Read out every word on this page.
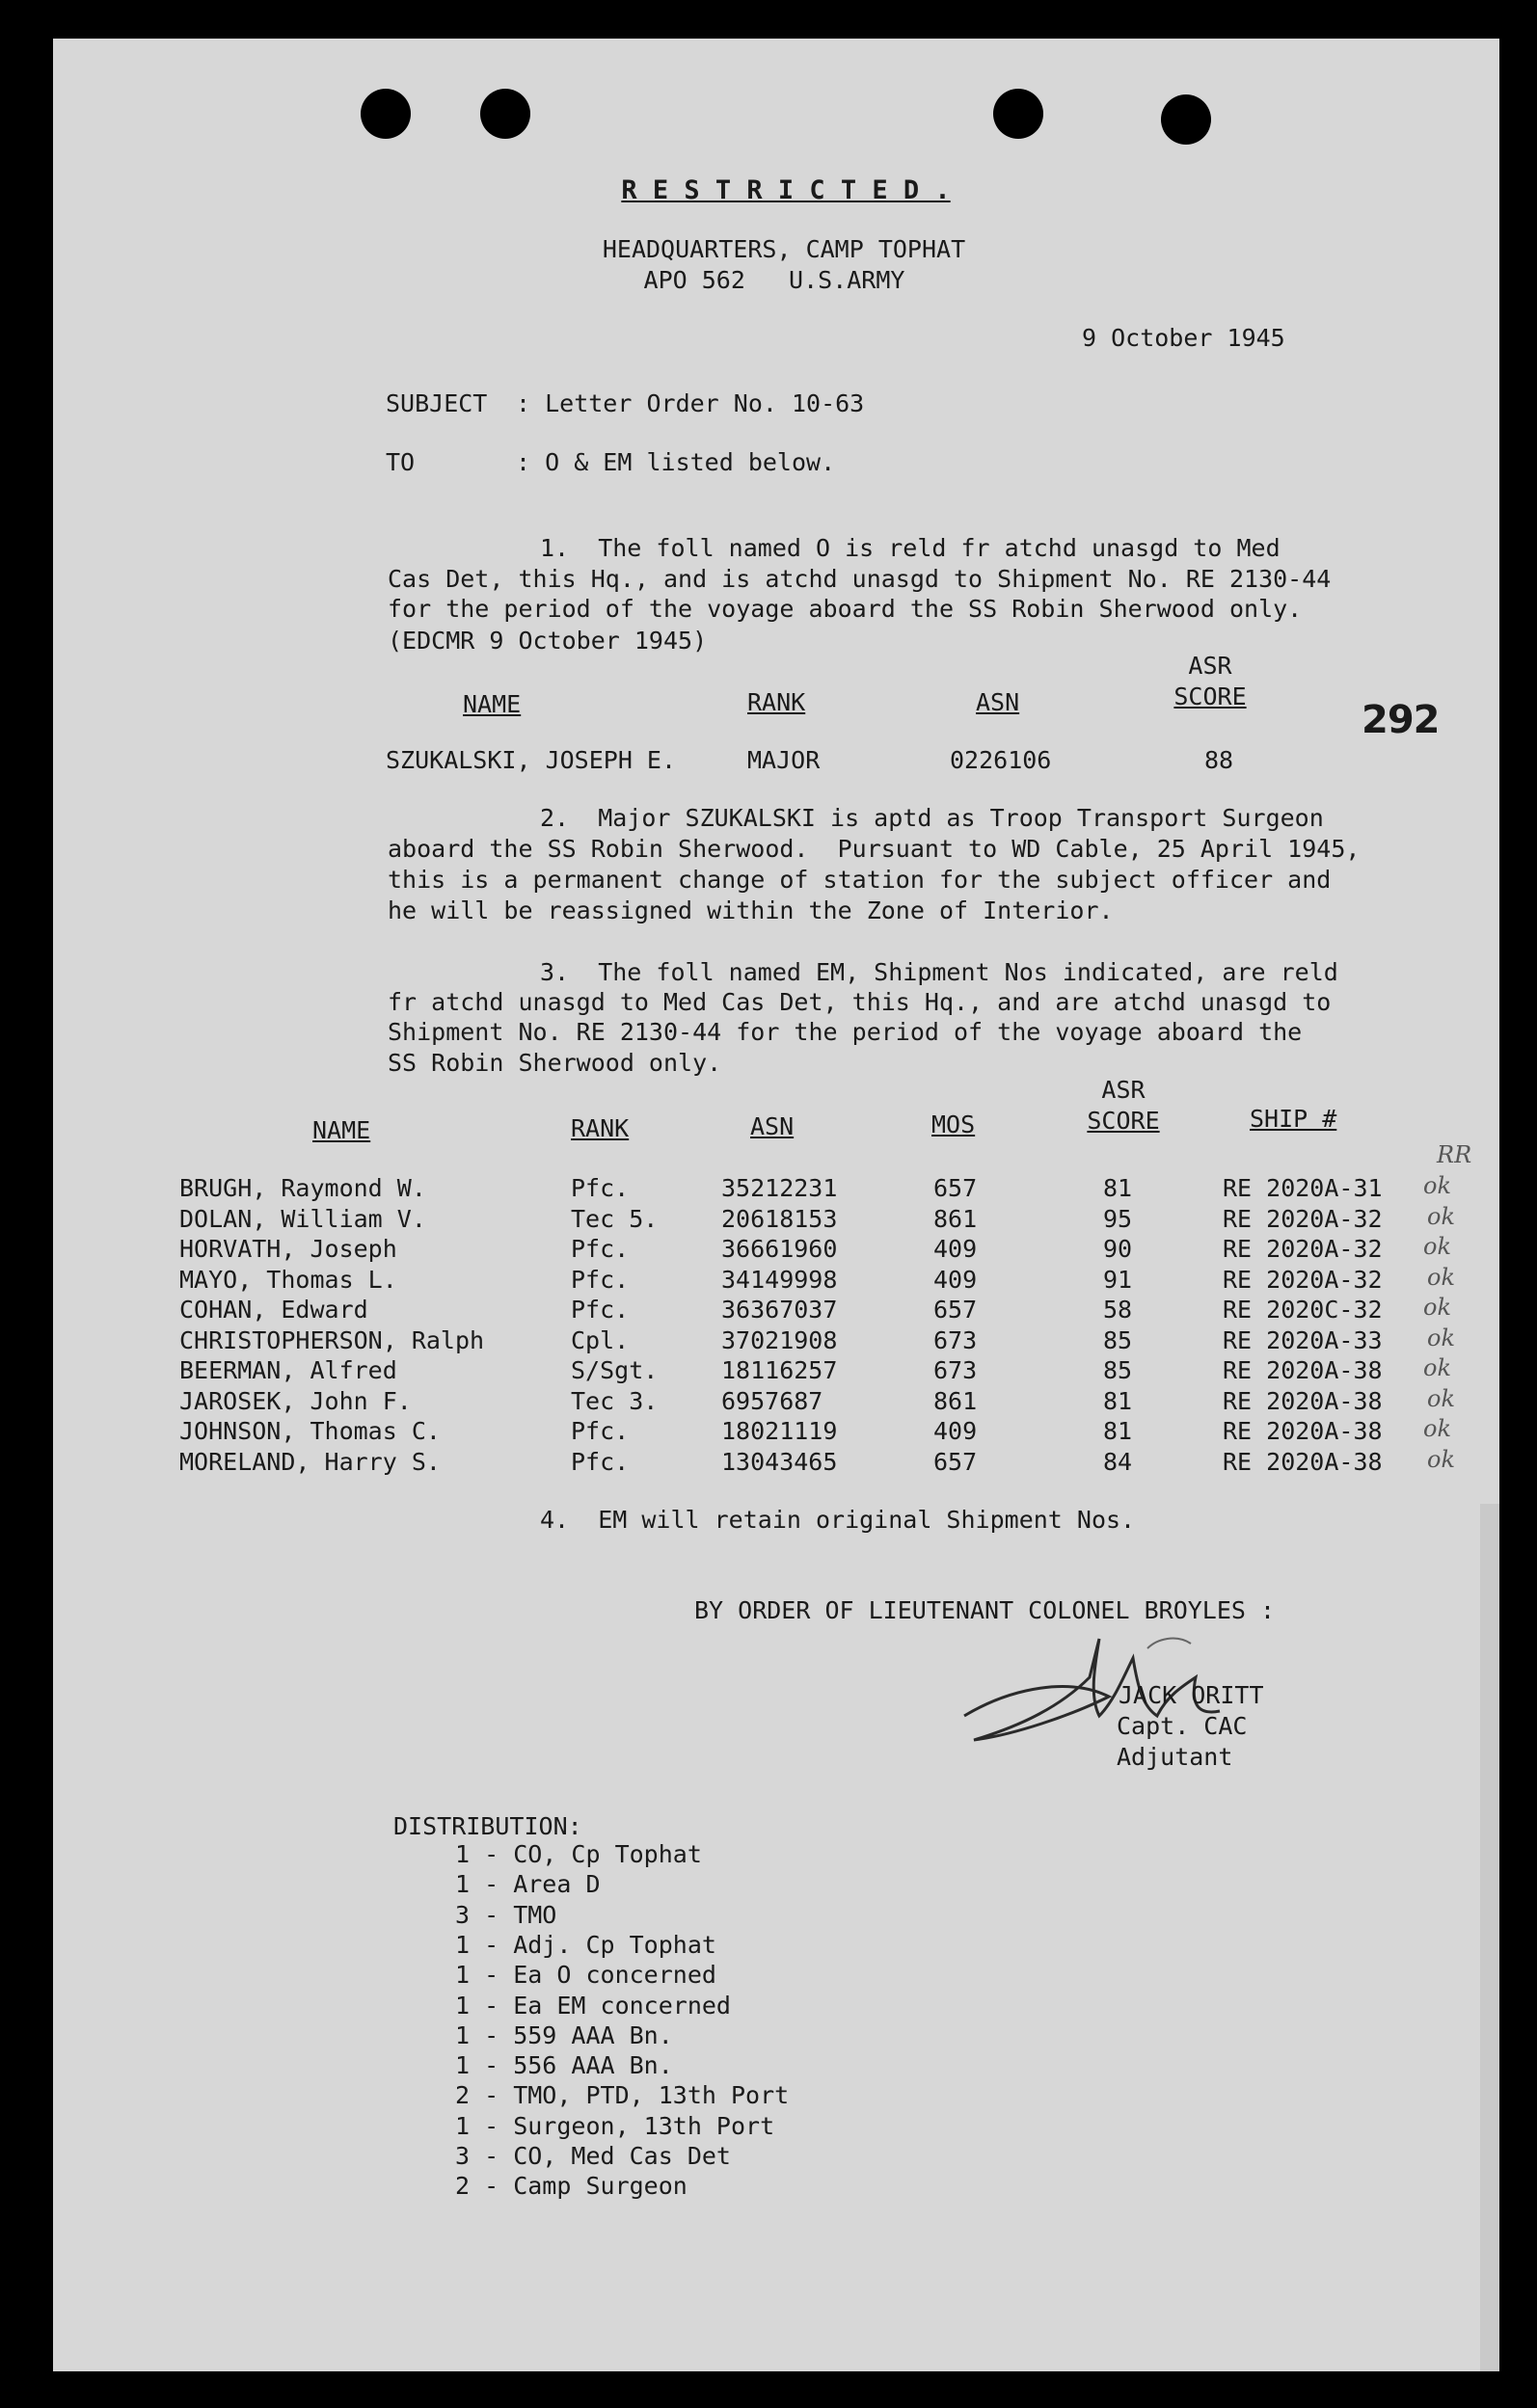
R E S T R I C T E D .
HEADQUARTERS, CAMP TOPHAT
APO 562   U.S.ARMY
9 October 1945
SUBJECT : Letter Order No. 10-63
TO	: O & EM listed below.
1.  The foll named O is reld fr atchd unasgd to Med
Cas Det, this Hq., and is atchd unasgd to Shipment No. RE 2130-44
for the period of the voyage aboard the SS Robin Sherwood only.
(EDCMR 9 October 1945)
NAME	RANK	ASN
ASR
SCORE
292
SZUKALSKI, JOSEPH E.	MAJOR	0226106	88
2.  Major SZUKALSKI is aptd as Troop Transport Surgeon
aboard the SS Robin Sherwood.  Pursuant to WD Cable, 25 April 1945,
this is a permanent change of station for the subject officer and
he will be reassigned within the Zone of Interior.
3.  The foll named EM, Shipment Nos indicated, are reld
fr atchd unasgd to Med Cas Det, this Hq., and are atchd unasgd to
Shipment No. RE 2130-44 for the period of the voyage aboard the
SS Robin Sherwood only.
NAME	RANK	ASN	MOS
ASR
SCORE	SHIP #
RR
BRUGH, Raymond W.	Pfc.	35212231	657	81	RE 2020A-31 ok
DOLAN, William V.	Tec 5.	20618153	861	95	RE 2020A-32 ok
HORVATH, Joseph	Pfc.	36661960	409	90	RE 2020A-32 ok
MAYO, Thomas L.	Pfc.	34149998	409	91	RE 2020A-32 ok
COHAN, Edward	Pfc.	36367037	657	58	RE 2020C-32 ok
CHRISTOPHERSON, Ralph	Cpl.	37021908	673	85	RE 2020A-33 ok
BEERMAN, Alfred	S/Sgt.	18116257	673	85	RE 2020A-38 ok
JAROSEK, John F.	Tec 3.	6957687	861	81	RE 2020A-38 ok
JOHNSON, Thomas C.	Pfc.	18021119	409	81	RE 2020A-38 ok
MORELAND, Harry S.	Pfc.	13043465	657	84	RE 2020A-38 ok
4.  EM will retain original Shipment Nos.
BY ORDER OF LIEUTENANT COLONEL BROYLES :
JACK ORITT
Capt. CAC
Adjutant
DISTRIBUTION:
1 - CO, Cp Tophat
1 - Area D
3 - TMO
1 - Adj. Cp Tophat
1 - Ea O concerned
1 - Ea EM concerned
1 - 559 AAA Bn.
1 - 556 AAA Bn.
2 - TMO, PTD, 13th Port
1 - Surgeon, 13th Port
3 - CO, Med Cas Det
2 - Camp Surgeon
